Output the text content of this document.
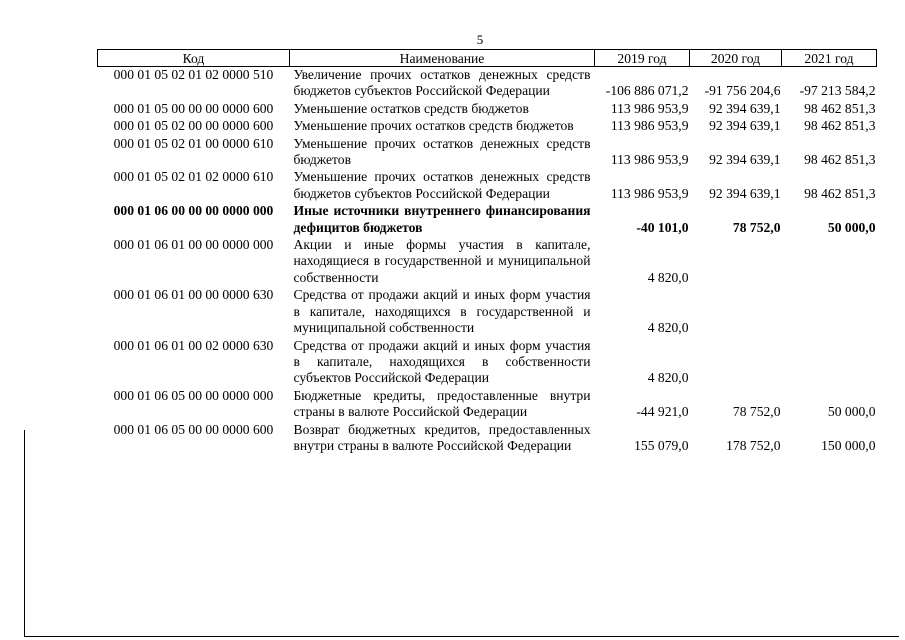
5
Код	Наименование	2019 год	2020 год	2021 год
000 01 05 02 01 02 0000 510	Увеличение прочих остатков денежных средств бюджетов субъектов Российской Федерации	-106 886 071,2	-91 756 204,6	-97 213 584,2
000 01 05 00 00 00 0000 600	Уменьшение остатков средств бюджетов	113 986 953,9	92 394 639,1	98 462 851,3
000 01 05 02 00 00 0000 600	Уменьшение прочих остатков средств бюджетов	113 986 953,9	92 394 639,1	98 462 851,3
000 01 05 02 01 00 0000 610	Уменьшение прочих остатков денежных средств бюджетов	113 986 953,9	92 394 639,1	98 462 851,3
000 01 05 02 01 02 0000 610	Уменьшение прочих остатков денежных средств бюджетов субъектов Российской Федерации	113 986 953,9	92 394 639,1	98 462 851,3
000 01 06 00 00 00 0000 000	Иные источники внутреннего финансирования дефицитов бюджетов	-40 101,0	78 752,0	50 000,0
000 01 06 01 00 00 0000 000	Акции и иные формы участия в капитале, находящиеся в государственной и муниципальной собственности	4 820,0		
000 01 06 01 00 00 0000 630	Средства от продажи акций и иных форм участия в капитале, находящихся в государственной и муниципальной собственности	4 820,0		
000 01 06 01 00 02 0000 630	Средства от продажи акций и иных форм участия в капитале, находящихся в собственности субъектов Российской Федерации	4 820,0		
000 01 06 05 00 00 0000 000	Бюджетные кредиты, предоставленные внутри страны в валюте Российской Федерации	-44 921,0	78 752,0	50 000,0
000 01 06 05 00 00 0000 600	Возврат бюджетных кредитов, предоставленных внутри страны в валюте Российской Федерации	155 079,0	178 752,0	150 000,0
